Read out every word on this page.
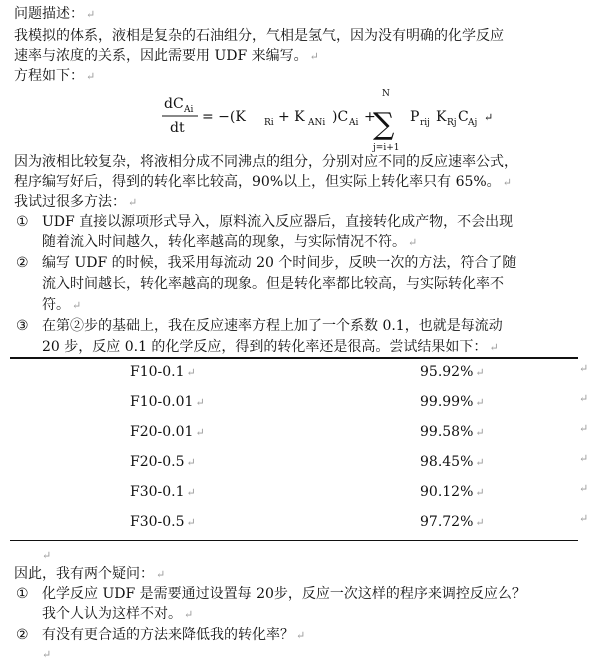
问题描述： ↵
我模拟的体系，液相是复杂的石油组分，气相是氢气，因为没有明确的化学反应
速率与浓度的关系，因此需要用 UDF 来编写。 ↵
方程如下： ↵
dC Ai
dt
= −(K Ri + K ANi )C Ai +
N
∑
j=i+1
P rij K Rj C Aj ↵
因为液相比较复杂，将液相分成不同沸点的组分，分别对应不同的反应速率公式，
程序编写好后，得到的转化率比较高，90%以上，但实际上转化率只有 65%。 ↵
我试过很多方法： ↵
① UDF 直接以源项形式导入，原料流入反应器后，直接转化成产物，不会出现
随着流入时间越久，转化率越高的现象，与实际情况不符。 ↵
② 编写 UDF 的时候，我采用每流动 20 个时间步，反映一次的方法，符合了随
流入时间越长，转化率越高的现象。但是转化率都比较高，与实际转化率不
符。 ↵
③ 在第②步的基础上，我在反应速率方程上加了一个系数 0.1，也就是每流动
20 步，反应 0.1 的化学反应，得到的转化率还是很高。尝试结果如下： ↵
F10-0.1 ↵	95.92% ↵
F10-0.01 ↵	99.99% ↵
F20-0.01 ↵	99.58% ↵
F20-0.5 ↵	98.45% ↵
F30-0.1 ↵	90.12% ↵
F30-0.5 ↵	97.72% ↵
↵
因此，我有两个疑问： ↵
① 化学反应 UDF 是需要通过设置每 20步，反应一次这样的程序来调控反应么？
我个人认为这样不对。 ↵
② 有没有更合适的方法来降低我的转化率？ ↵
↵
↵
↵
↵
↵
↵
↵
